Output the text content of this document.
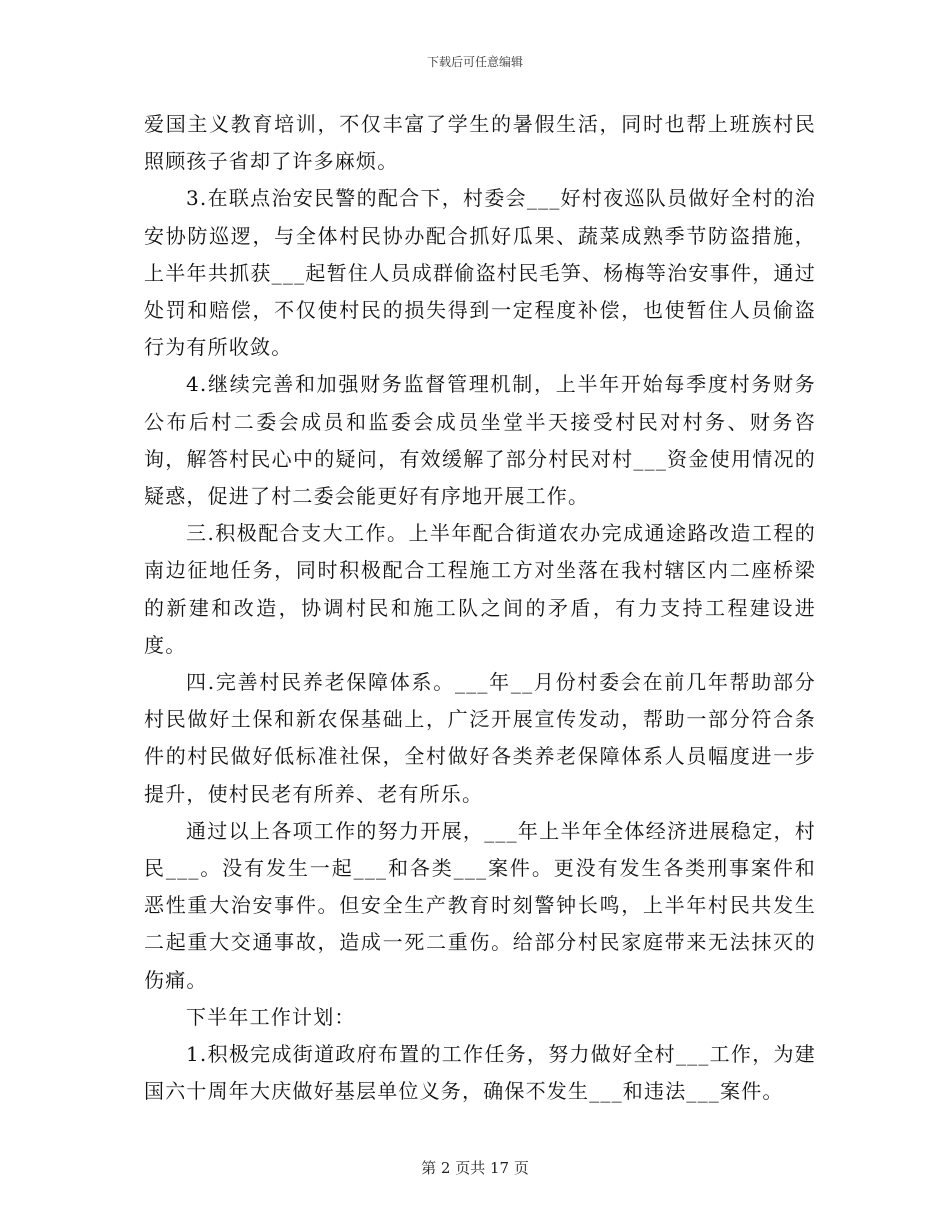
下载后可任意编辑

爱国主义教育培训，不仅丰富了学生的暑假生活，同时也帮上班族村民照顾孩子省却了许多麻烦。

3.在联点治安民警的配合下，村委会___好村夜巡队员做好全村的治安协防巡逻，与全体村民协办配合抓好瓜果、蔬菜成熟季节防盗措施，上半年共抓获___起暂住人员成群偷盗村民毛笋、杨梅等治安事件，通过处罚和赔偿，不仅使村民的损失得到一定程度补偿，也使暂住人员偷盗行为有所收敛。

4.继续完善和加强财务监督管理机制，上半年开始每季度村务财务公布后村二委会成员和监委会成员坐堂半天接受村民对村务、财务咨询，解答村民心中的疑问，有效缓解了部分村民对村___资金使用情况的疑惑，促进了村二委会能更好有序地开展工作。

三.积极配合支大工作。上半年配合街道农办完成通途路改造工程的南边征地任务，同时积极配合工程施工方对坐落在我村辖区内二座桥梁的新建和改造，协调村民和施工队之间的矛盾，有力支持工程建设进度。

四.完善村民养老保障体系。___年__月份村委会在前几年帮助部分村民做好土保和新农保基础上，广泛开展宣传发动，帮助一部分符合条件的村民做好低标准社保，全村做好各类养老保障体系人员幅度进一步提升，使村民老有所养、老有所乐。

通过以上各项工作的努力开展，___年上半年全体经济进展稳定，村民___。没有发生一起___和各类___案件。更没有发生各类刑事案件和恶性重大治安事件。但安全生产教育时刻警钟长鸣，上半年村民共发生二起重大交通事故，造成一死二重伤。给部分村民家庭带来无法抹灭的伤痛。

下半年工作计划：

1.积极完成街道政府布置的工作任务，努力做好全村___工作，为建国六十周年大庆做好基层单位义务，确保不发生___和违法___案件。

第 2 页共 17 页
